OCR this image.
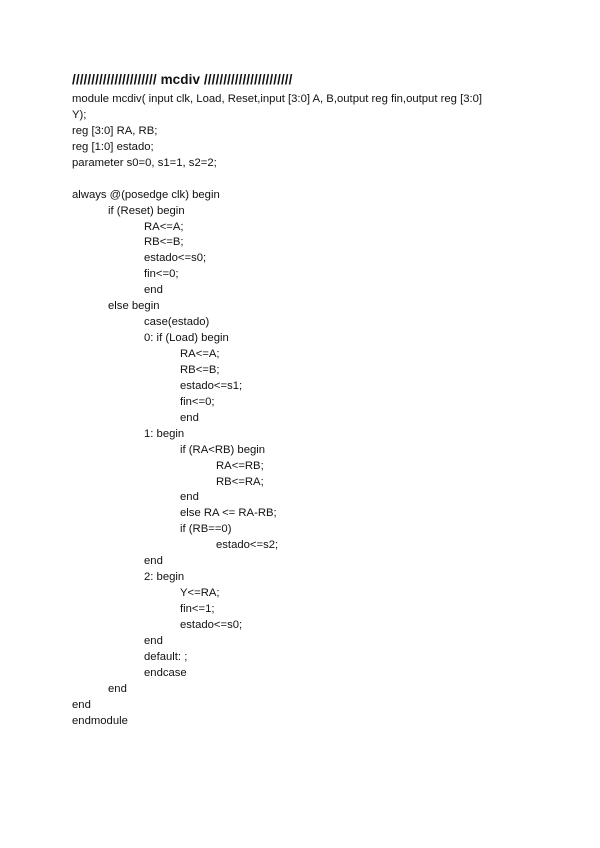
////////////////////// mcdiv ///////////////////////
module mcdiv( input clk, Load, Reset,input [3:0] A, B,output reg fin,output reg [3:0]
Y);
reg [3:0] RA, RB;
reg [1:0] estado;
parameter s0=0, s1=1, s2=2;
always @(posedge clk) begin
if (Reset) begin
RA<=A;
RB<=B;
estado<=s0;
fin<=0;
end
else begin
case(estado)
0: if (Load) begin
RA<=A;
RB<=B;
estado<=s1;
fin<=0;
end
1: begin
if (RA<RB) begin
RA<=RB;
RB<=RA;
end
else RA <= RA-RB;
if (RB==0)
estado<=s2;
end
2: begin
Y<=RA;
fin<=1;
estado<=s0;
end
default: ;
endcase
end
end
endmodule
